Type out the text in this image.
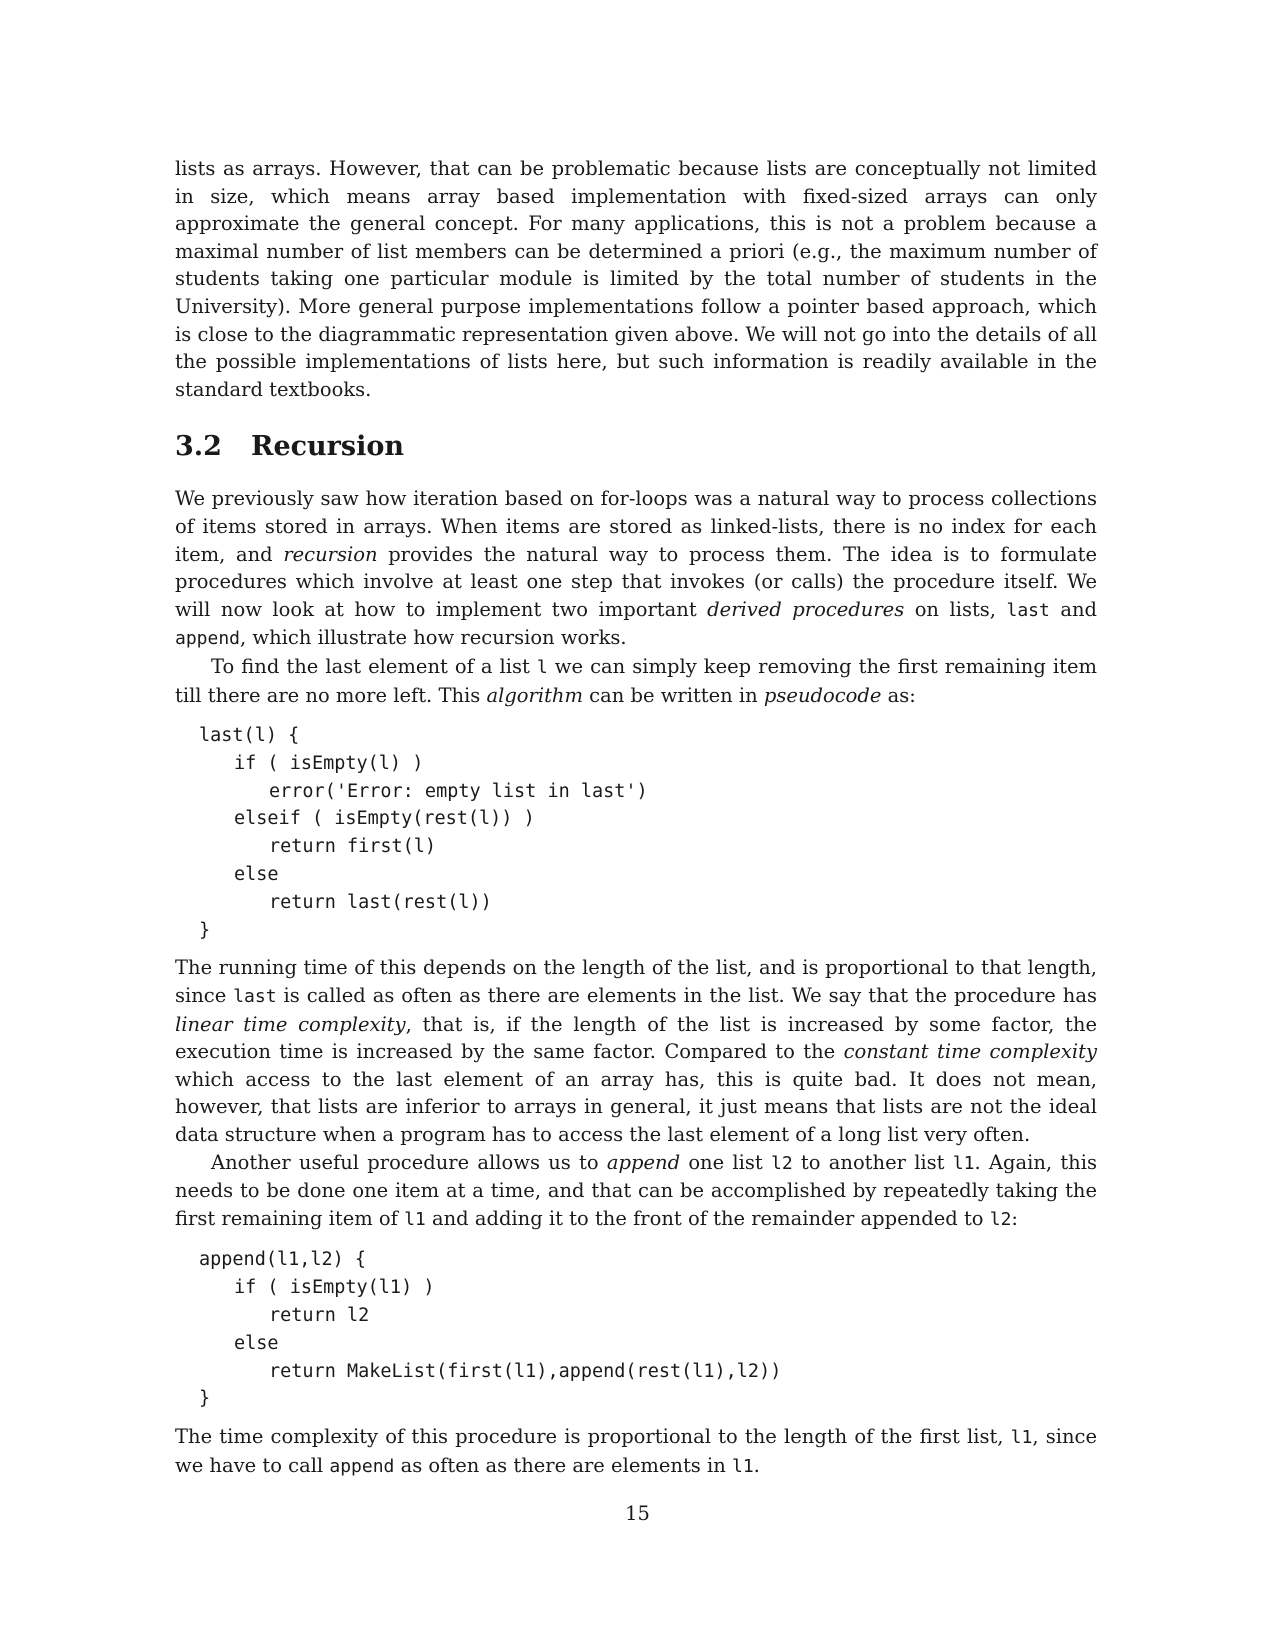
lists as arrays. However, that can be problematic because lists are conceptually not limited in size, which means array based implementation with fixed-sized arrays can only approximate the general concept. For many applications, this is not a problem because a maximal number of list members can be determined a priori (e.g., the maximum number of students taking one particular module is limited by the total number of students in the University). More general purpose implementations follow a pointer based approach, which is close to the diagrammatic representation given above. We will not go into the details of all the possible implementations of lists here, but such information is readily available in the standard textbooks.

3.2 Recursion

We previously saw how iteration based on for-loops was a natural way to process collections of items stored in arrays. When items are stored as linked-lists, there is no index for each item, and recursion provides the natural way to process them. The idea is to formulate procedures which involve at least one step that invokes (or calls) the procedure itself. We will now look at how to implement two important derived procedures on lists, last and append, which illustrate how recursion works.

To find the last element of a list l we can simply keep removing the first remaining item till there are no more left. This algorithm can be written in pseudocode as:

last(l) {
if ( isEmpty(l) )
error('Error: empty list in last')
elseif ( isEmpty(rest(l)) )
return first(l)
else
return last(rest(l))
}

The running time of this depends on the length of the list, and is proportional to that length, since last is called as often as there are elements in the list. We say that the procedure has linear time complexity, that is, if the length of the list is increased by some factor, the execution time is increased by the same factor. Compared to the constant time complexity which access to the last element of an array has, this is quite bad. It does not mean, however, that lists are inferior to arrays in general, it just means that lists are not the ideal data structure when a program has to access the last element of a long list very often.

Another useful procedure allows us to append one list l2 to another list l1. Again, this needs to be done one item at a time, and that can be accomplished by repeatedly taking the first remaining item of l1 and adding it to the front of the remainder appended to l2:

append(l1,l2) {
if ( isEmpty(l1) )
return l2
else
return MakeList(first(l1),append(rest(l1),l2))
}

The time complexity of this procedure is proportional to the length of the first list, l1, since we have to call append as often as there are elements in l1.

15
